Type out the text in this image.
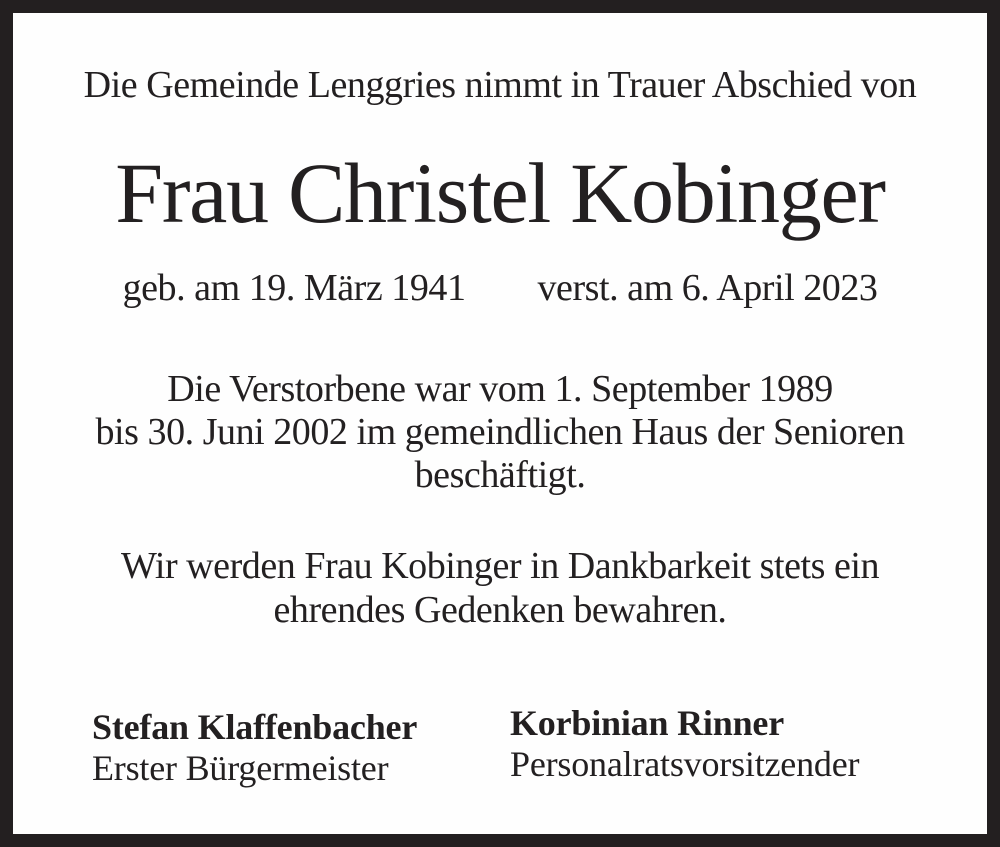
Die Gemeinde Lenggries nimmt in Trauer Abschied von
Frau Christel Kobinger
geb. am 19. März 1941 verst. am 6. April 2023
Die Verstorbene war vom 1. September 1989
bis 30. Juni 2002 im gemeindlichen Haus der Senioren
beschäftigt.
Wir werden Frau Kobinger in Dankbarkeit stets ein
ehrendes Gedenken bewahren.
Stefan Klaffenbacher
Erster Bürgermeister
Korbinian Rinner
Personalratsvorsitzender
